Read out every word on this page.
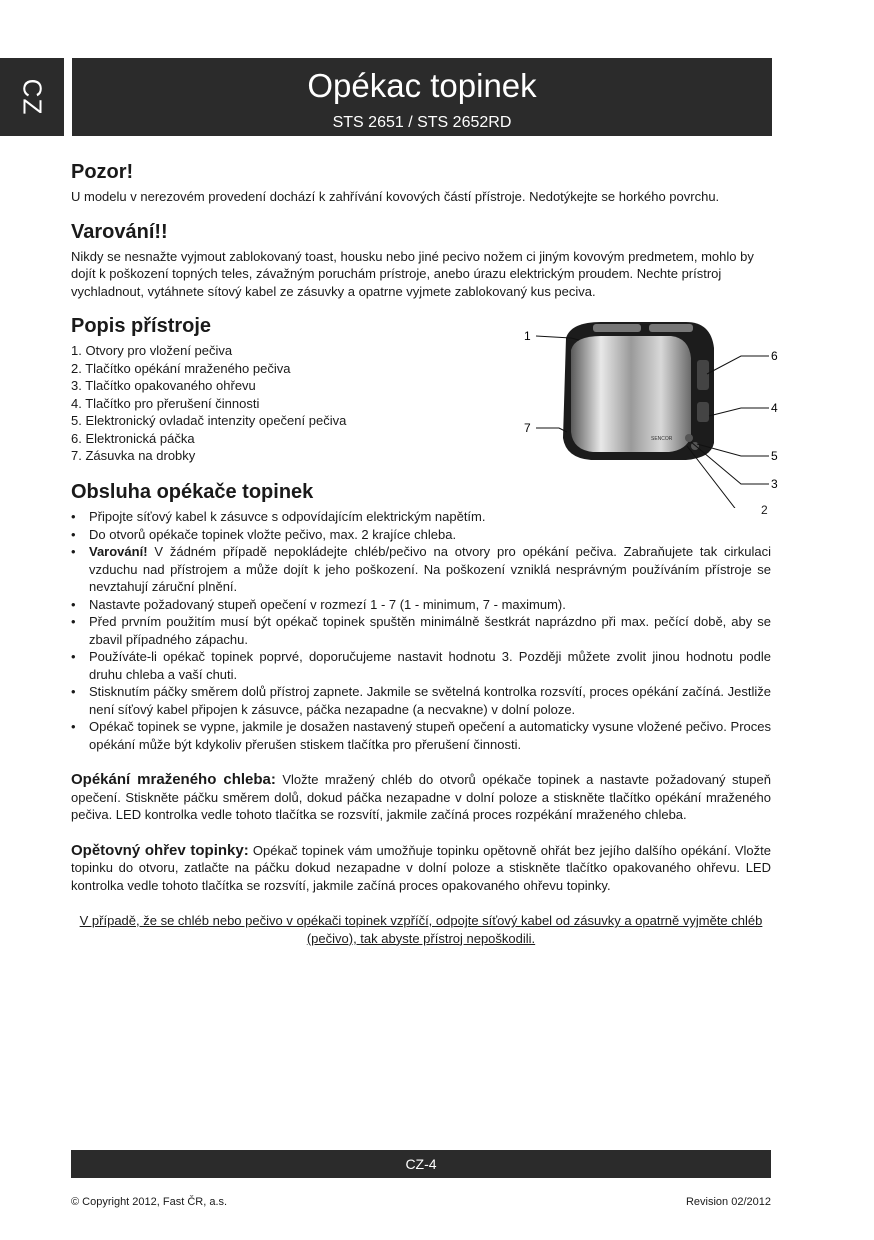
CZ	Opékac topinek
STS 2651 / STS 2652RD
Pozor!

U modelu v nerezovém provedení dochází k zahřívání kovových částí přístroje. Nedotýkejte se horkého povrchu.

Varování!!

Nikdy se nesnažte vyjmout zablokovaný toast, housku nebo jiné pecivo nožem ci jiným kovovým predmetem, mohlo by dojít k poškození topných teles, závažným poruchám prístroje, anebo úrazu elektrickým proudem. Nechte prístroj vychladnout, vytáhnete sítový kabel ze zásuvky a opatrne vyjmete zablokovaný kus peciva.

Popis přístroje
1. Otvory pro vložení pečiva
2. Tlačítko opékání mraženého pečiva
3. Tlačítko opakovaného ohřevu
4. Tlačítko pro přerušení činnosti
5. Elektronický ovladač intenzity opečení pečiva
6. Elektronická páčka
7. Zásuvka na drobky
SENCOR
1
6
4
7
5
3
Obsluha opékače topinek
2
• Připojte síťový kabel k zásuvce s odpovídajícím elektrickým napětím.
• Do otvorů opékače topinek vložte pečivo, max. 2 krajíce chleba.
• Varování! V žádném případě nepokládejte chléb/pečivo na otvory pro opékání pečiva. Zabraňujete tak cirkulaci vzduchu nad přístrojem a může dojít k jeho poškození. Na poškození vzniklá nesprávným používáním přístroje se nevztahují záruční plnění.
• Nastavte požadovaný stupeň opečení v rozmezí 1 - 7 (1 - minimum, 7 - maximum).
• Před prvním použitím musí být opékač topinek spuštěn minimálně šestkrát naprázdno při max. pečící době, aby se zbavil případného zápachu.
• Používáte-li opékač topinek poprvé, doporučujeme nastavit hodnotu 3. Později můžete zvolit jinou hodnotu podle druhu chleba a vaší chuti.
• Stisknutím páčky směrem dolů přístroj zapnete. Jakmile se světelná kontrolka rozsvítí, proces opékání začíná. Jestliže není síťový kabel připojen k zásuvce, páčka nezapadne (a necvakne) v dolní poloze.
• Opékač topinek se vypne, jakmile je dosažen nastavený stupeň opečení a automaticky vysune vložené pečivo. Proces opékání může být kdykoliv přerušen stiskem tlačítka pro přerušení činnosti.

Opékání mraženého chleba: Vložte mražený chléb do otvorů opékače topinek a nastavte požadovaný stupeň opečení. Stiskněte páčku směrem dolů, dokud páčka nezapadne v dolní poloze a stiskněte tlačítko opékání mraženého pečiva. LED kontrolka vedle tohoto tlačítka se rozsvítí, jakmile začíná proces rozpékání mraženého chleba.

Opětovný ohřev topinky: Opékač topinek vám umožňuje topinku opětovně ohřát bez jejího dalšího opékání. Vložte topinku do otvoru, zatlačte na páčku dokud nezapadne v dolní poloze a stiskněte tlačítko opakovaného ohřevu. LED kontrolka vedle tohoto tlačítka se rozsvítí, jakmile začíná proces opakovaného ohřevu topinky.

V případě, že se chléb nebo pečivo v opékači topinek vzpříčí, odpojte síťový kabel od zásuvky a opatrně vyjměte chléb (pečivo), tak abyste přístroj nepoškodili.

CZ-4
© Copyright 2012, Fast ČR, a.s.	Revision 02/2012
